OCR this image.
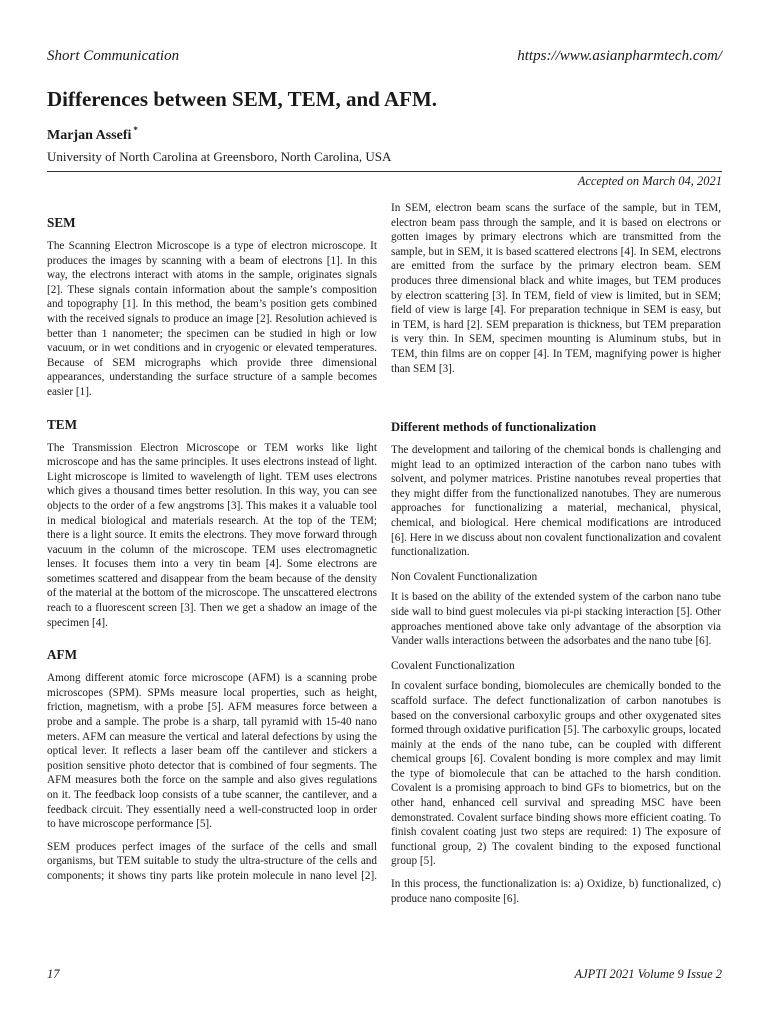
Short Communication	https://www.asianpharmtech.com/
Differences between SEM, TEM, and AFM.
Marjan Assefi *
University of North Carolina at Greensboro, North Carolina, USA
Accepted on March 04, 2021
SEM

The Scanning Electron Microscope is a type of electron microscope. It produces the images by scanning with a beam of electrons [1]. In this way, the electrons interact with atoms in the sample, originates signals [2]. These signals contain information about the sample’s composition and topography [1]. In this method, the beam’s position gets combined with the received signals to produce an image [2]. Resolution achieved is better than 1 nanometer; the specimen can be studied in high or low vacuum, or in wet conditions and in cryogenic or elevated temperatures. Because of SEM micrographs which provide three dimensional appearances, understanding the surface structure of a sample becomes easier [1].

TEM

The Transmission Electron Microscope or TEM works like light microscope and has the same principles. It uses electrons instead of light. Light microscope is limited to wavelength of light. TEM uses electrons which gives a thousand times better resolution. In this way, you can see objects to the order of a few angstroms [3]. This makes it a valuable tool in medical biological and materials research. At the top of the TEM; there is a light source. It emits the electrons. They move forward through vacuum in the column of the microscope. TEM uses electromagnetic lenses. It focuses them into a very tin beam [4]. Some electrons are sometimes scattered and disappear from the beam because of the density of the material at the bottom of the microscope. The unscattered electrons reach to a fluorescent screen [3]. Then we get a shadow an image of the specimen [4].

AFM

Among different atomic force microscope (AFM) is a scanning probe microscopes (SPM). SPMs measure local properties, such as height, friction, magnetism, with a probe [5]. AFM measures force between a probe and a sample. The probe is a sharp, tall pyramid with 15-40 nano meters. AFM can measure the vertical and lateral defections by using the optical lever. It reflects a laser beam off the cantilever and stickers a position sensitive photo detector that is combined of four segments. The AFM measures both the force on the sample and also gives regulations on it. The feedback loop consists of a tube scanner, the cantilever, and a feedback circuit. They essentially need a well-constructed loop in order to have microscope performance [5].

SEM produces perfect images of the surface of the cells and small organisms, but TEM suitable to study the ultra-structure of the cells and components; it shows tiny parts like protein molecule in nano level [2].

In SEM, electron beam scans the surface of the sample, but in TEM, electron beam pass through the sample, and it is based on electrons or gotten images by primary electrons which are transmitted from the sample, but in SEM, it is based scattered electrons [4]. In SEM, electrons are emitted from the surface by the primary electron beam. SEM produces three dimensional black and white images, but TEM produces by electron scattering [3]. In TEM, field of view is limited, but in SEM; field of view is large [4]. For preparation technique in SEM is easy, but in TEM, is hard [2]. SEM preparation is thickness, but TEM preparation is very thin. In SEM, specimen mounting is Aluminum stubs, but in TEM, thin films are on copper [4]. In TEM, magnifying power is higher than SEM [3].

Different methods of functionalization

The development and tailoring of the chemical bonds is challenging and might lead to an optimized interaction of the carbon nano tubes with solvent, and polymer matrices. Pristine nanotubes reveal properties that they might differ from the functionalized nanotubes. They are numerous approaches for functionalizing a material, mechanical, physical, chemical, and biological. Here chemical modifications are introduced [6]. Here in we discuss about non covalent functionalization and covalent functionalization.

Non Covalent Functionalization

It is based on the ability of the extended system of the carbon nano tube side wall to bind guest molecules via pi-pi stacking interaction [5]. Other approaches mentioned above take only advantage of the absorption via Vander walls interactions between the adsorbates and the nano tube [6].

Covalent Functionalization

In covalent surface bonding, biomolecules are chemically bonded to the scaffold surface. The defect functionalization of carbon nanotubes is based on the conversional carboxylic groups and other oxygenated sites formed through oxidative purification [5]. The carboxylic groups, located mainly at the ends of the nano tube, can be coupled with different chemical groups [6]. Covalent bonding is more complex and may limit the type of biomolecule that can be attached to the harsh condition. Covalent is a promising approach to bind GFs to biometrics, but on the other hand, enhanced cell survival and spreading MSC have been demonstrated. Covalent surface binding shows more efficient coating. To finish covalent coating just two steps are required: 1) The exposure of functional group, 2) The covalent binding to the exposed functional group [5].

In this process, the functionalization is: a) Oxidize, b) functionalized, c) produce nano composite [6].

17	AJPTI 2021 Volume 9 Issue 2
